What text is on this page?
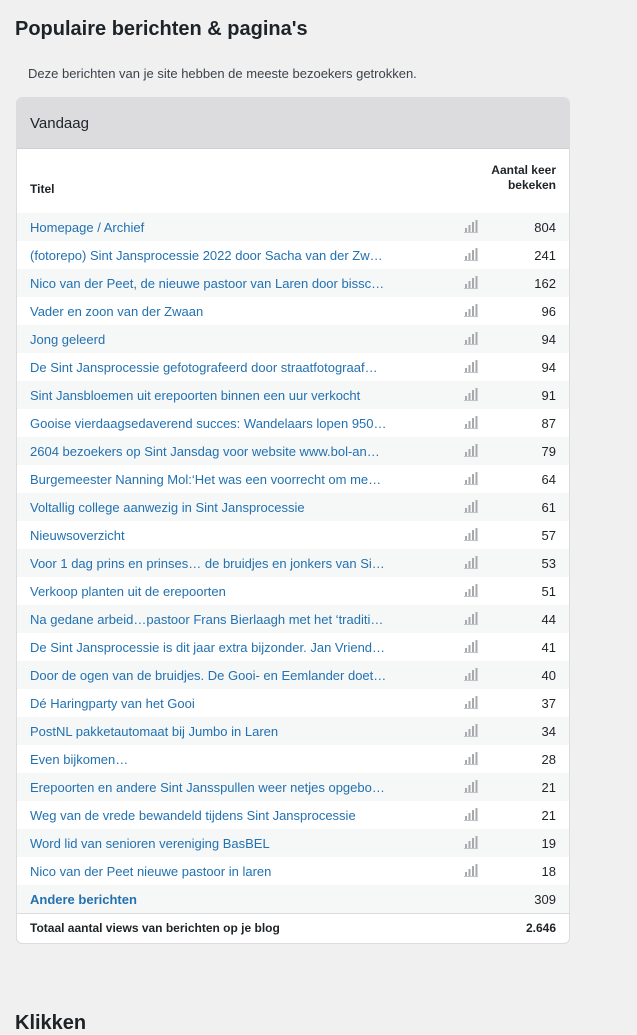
Populaire berichten & pagina's
Deze berichten van je site hebben de meeste bezoekers getrokken.
Vandaag
Titel
Aantal keer bekeken
Homepage / Archief	804
(fotorepo) Sint Jansprocessie 2022 door Sacha van der Zw…	241
Nico van der Peet, de nieuwe pastoor van Laren door bissc…	162
Vader en zoon van der Zwaan	96
Jong geleerd	94
De Sint Jansprocessie gefotografeerd door straatfotograaf…	94
Sint Jansbloemen uit erepoorten binnen een uur verkocht	91
Gooise vierdaagsedaverend succes: Wandelaars lopen 950…	87
2604 bezoekers op Sint Jansdag voor website www.bol-an…	79
Burgemeester Nanning Mol:‘Het was een voorrecht om me…	64
Voltallig college aanwezig in Sint Jansprocessie	61
Nieuwsoverzicht	57
Voor 1 dag prins en prinses… de bruidjes en jonkers van Si…	53
Verkoop planten uit de erepoorten	51
Na gedane arbeid…pastoor Frans Bierlaagh met het ‘traditi…	44
De Sint Jansprocessie is dit jaar extra bijzonder. Jan Vriend…	41
Door de ogen van de bruidjes. De Gooi- en Eemlander doet…	40
Dé Haringparty van het Gooi	37
PostNL pakketautomaat bij Jumbo in Laren	34
Even bijkomen…	28
Erepoorten en andere Sint Jansspullen weer netjes opgebo…	21
Weg van de vrede bewandeld tijdens Sint Jansprocessie	21
Word lid van senioren vereniging BasBEL	19
Nico van der Peet nieuwe pastoor in laren	18
Andere berichten	309
Totaal aantal views van berichten op je blog	2.646
Klikken
